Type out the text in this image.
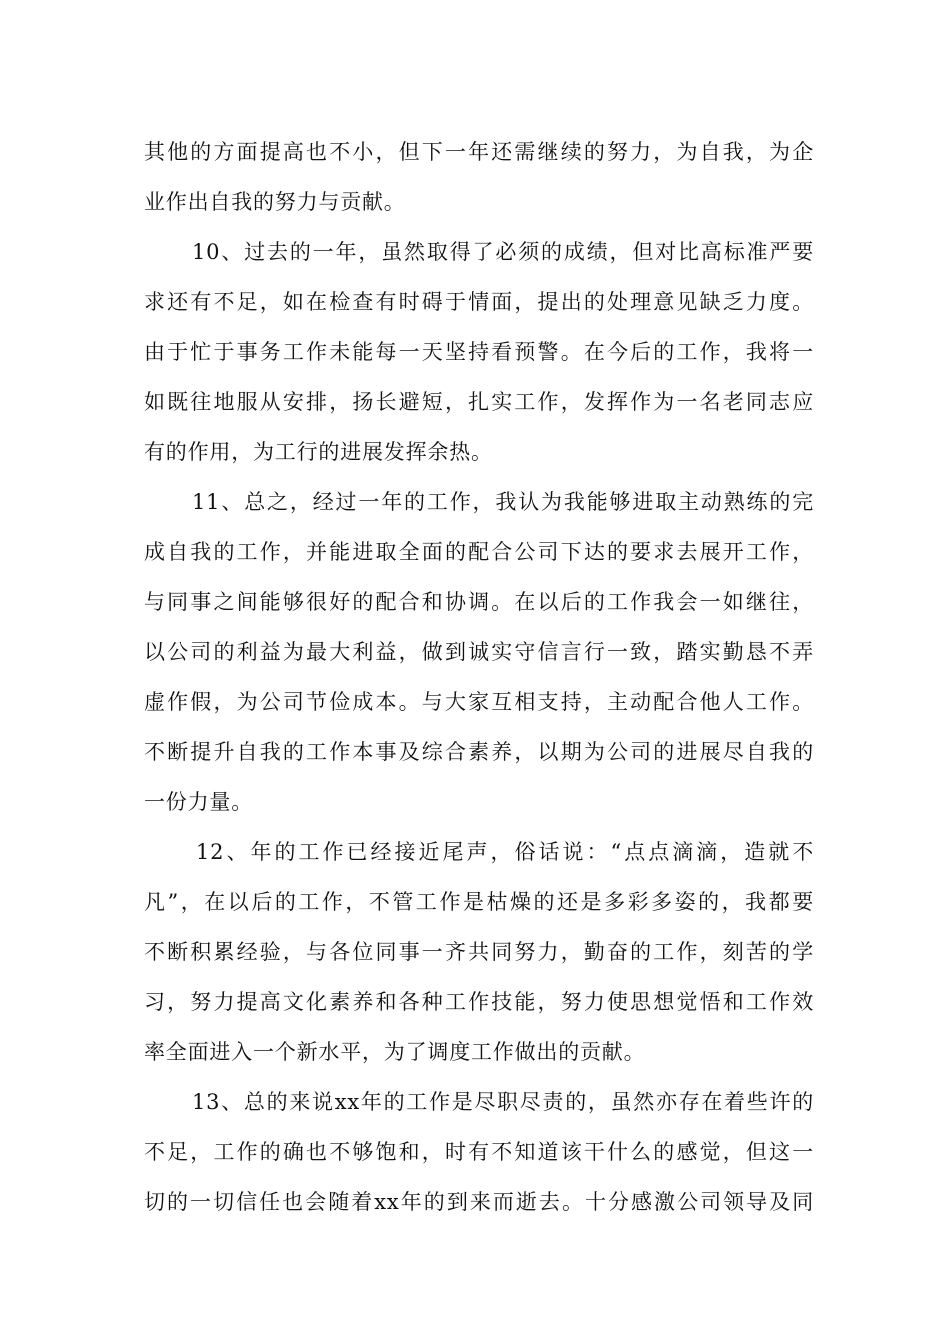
其他的方面提高也不小，但下一年还需继续的努力，为自我，为企
业作出自我的努力与贡献。
10、过去的一年，虽然取得了必须的成绩，但对比高标准严要
求还有不足，如在检查有时碍于情面，提出的处理意见缺乏力度。
由于忙于事务工作未能每一天坚持看预警。在今后的工作，我将一
如既往地服从安排，扬长避短，扎实工作，发挥作为一名老同志应
有的作用，为工行的进展发挥余热。
11、总之，经过一年的工作，我认为我能够进取主动熟练的完
成自我的工作，并能进取全面的配合公司下达的要求去展开工作，
与同事之间能够很好的配合和协调。在以后的工作我会一如继往，
以公司的利益为最大利益，做到诚实守信言行一致，踏实勤恳不弄
虚作假，为公司节俭成本。与大家互相支持，主动配合他人工作。
不断提升自我的工作本事及综合素养，以期为公司的进展尽自我的
一份力量。
12、年的工作已经接近尾声，俗话说：“点点滴滴，造就不
凡”，在以后的工作，不管工作是枯燥的还是多彩多姿的，我都要
不断积累经验，与各位同事一齐共同努力，勤奋的工作，刻苦的学
习，努力提高文化素养和各种工作技能，努力使思想觉悟和工作效
率全面进入一个新水平，为了调度工作做出的贡献。
13、总的来说xx年的工作是尽职尽责的，虽然亦存在着些许的
不足，工作的确也不够饱和，时有不知道该干什么的感觉，但这一
切的一切信任也会随着xx年的到来而逝去。十分感激公司领导及同
